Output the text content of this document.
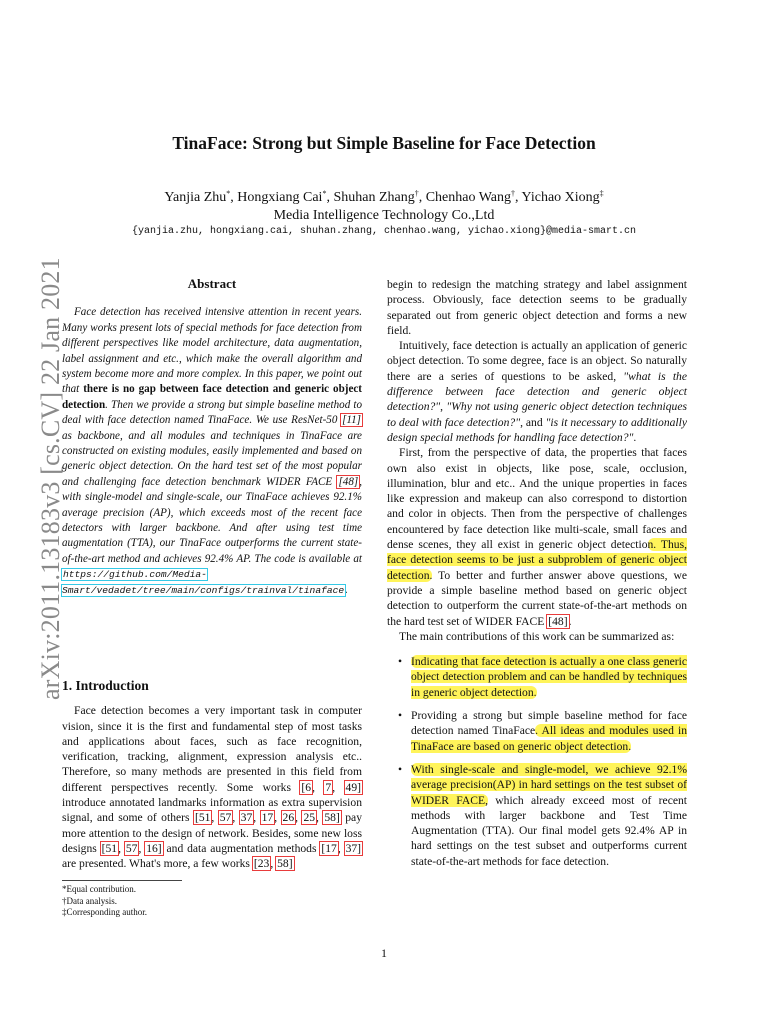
arXiv:2011.13183v3 [cs.CV] 22 Jan 2021
TinaFace: Strong but Simple Baseline for Face Detection
Yanjia Zhu*, Hongxiang Cai*, Shuhan Zhang†, Chenhao Wang†, Yichao Xiong‡
Media Intelligence Technology Co.,Ltd
{yanjia.zhu, hongxiang.cai, shuhan.zhang, chenhao.wang, yichao.xiong}@media-smart.cn
Abstract

Face detection has received intensive attention in recent years. Many works present lots of special methods for face detection from different perspectives like model architecture, data augmentation, label assignment and etc., which make the overall algorithm and system become more and more complex. In this paper, we point out that there is no gap between face detection and generic object detection. Then we provide a strong but simple baseline method to deal with face detection named TinaFace. We use ResNet-50 [11] as backbone, and all modules and techniques in TinaFace are constructed on existing modules, easily implemented and based on generic object detection. On the hard test set of the most popular and challenging face detection benchmark WIDER FACE [48], with single-model and single-scale, our TinaFace achieves 92.1% average precision (AP), which exceeds most of the recent face detectors with larger backbone. And after using test time augmentation (TTA), our TinaFace outperforms the current state-of-the-art method and achieves 92.4% AP. The code is available at https://github.com/Media-Smart/vedadet/tree/main/configs/trainval/tinaface.

1. Introduction

Face detection becomes a very important task in computer vision, since it is the first and fundamental step of most tasks and applications about faces, such as face recognition, verification, tracking, alignment, expression analysis etc.. Therefore, so many methods are presented in this field from different perspectives recently. Some works [6, 7, 49] introduce annotated landmarks information as extra supervision signal, and some of others [51, 57, 37, 17, 26, 25, 58] pay more attention to the design of network. Besides, some new loss designs [51, 57, 16] and data augmentation methods [17, 37] are presented. What's more, a few works [23, 58]

*Equal contribution.
†Data analysis.
‡Corresponding author.

begin to redesign the matching strategy and label assignment process. Obviously, face detection seems to be gradually separated out from generic object detection and forms a new field.

Intuitively, face detection is actually an application of generic object detection. To some degree, face is an object. So naturally there are a series of questions to be asked, "what is the difference between face detection and generic object detection?", "Why not using generic object detection techniques to deal with face detection?", and "is it necessary to additionally design special methods for handling face detection?".

First, from the perspective of data, the properties that faces own also exist in objects, like pose, scale, occlusion, illumination, blur and etc.. And the unique properties in faces like expression and makeup can also correspond to distortion and color in objects. Then from the perspective of challenges encountered by face detection like multi-scale, small faces and dense scenes, they all exist in generic object detection. Thus, face detection seems to be just a subproblem of generic object detection. To better and further answer above questions, we provide a simple baseline method based on generic object detection to outperform the current state-of-the-art methods on the hard test set of WIDER FACE [48].

The main contributions of this work can be summarized as:

• Indicating that face detection is actually a one class generic object detection problem and can be handled by techniques in generic object detection.
• Providing a strong but simple baseline method for face detection named TinaFace. All ideas and modules used in TinaFace are based on generic object detection.
• With single-scale and single-model, we achieve 92.1% average precision(AP) in hard settings on the test subset of WIDER FACE, which already exceed most of recent methods with larger backbone and Test Time Augmentation (TTA). Our final model gets 92.4% AP in hard settings on the test subset and outperforms current state-of-the-art methods for face detection.
1
